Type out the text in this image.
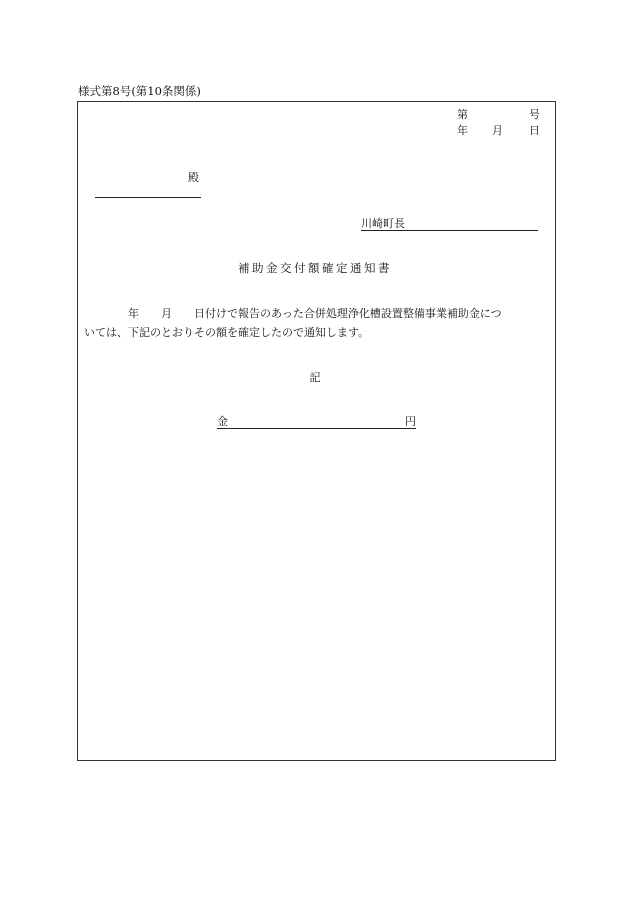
様式第8号(第10条関係)
第	号
年 月 日
殿
川崎町長
補助金交付額確定通知書
　　　　年　　月　　日付けで報告のあった合併処理浄化槽設置整備事業補助金につ
いては、下記のとおりその額を確定したので通知します。
記
金	円
